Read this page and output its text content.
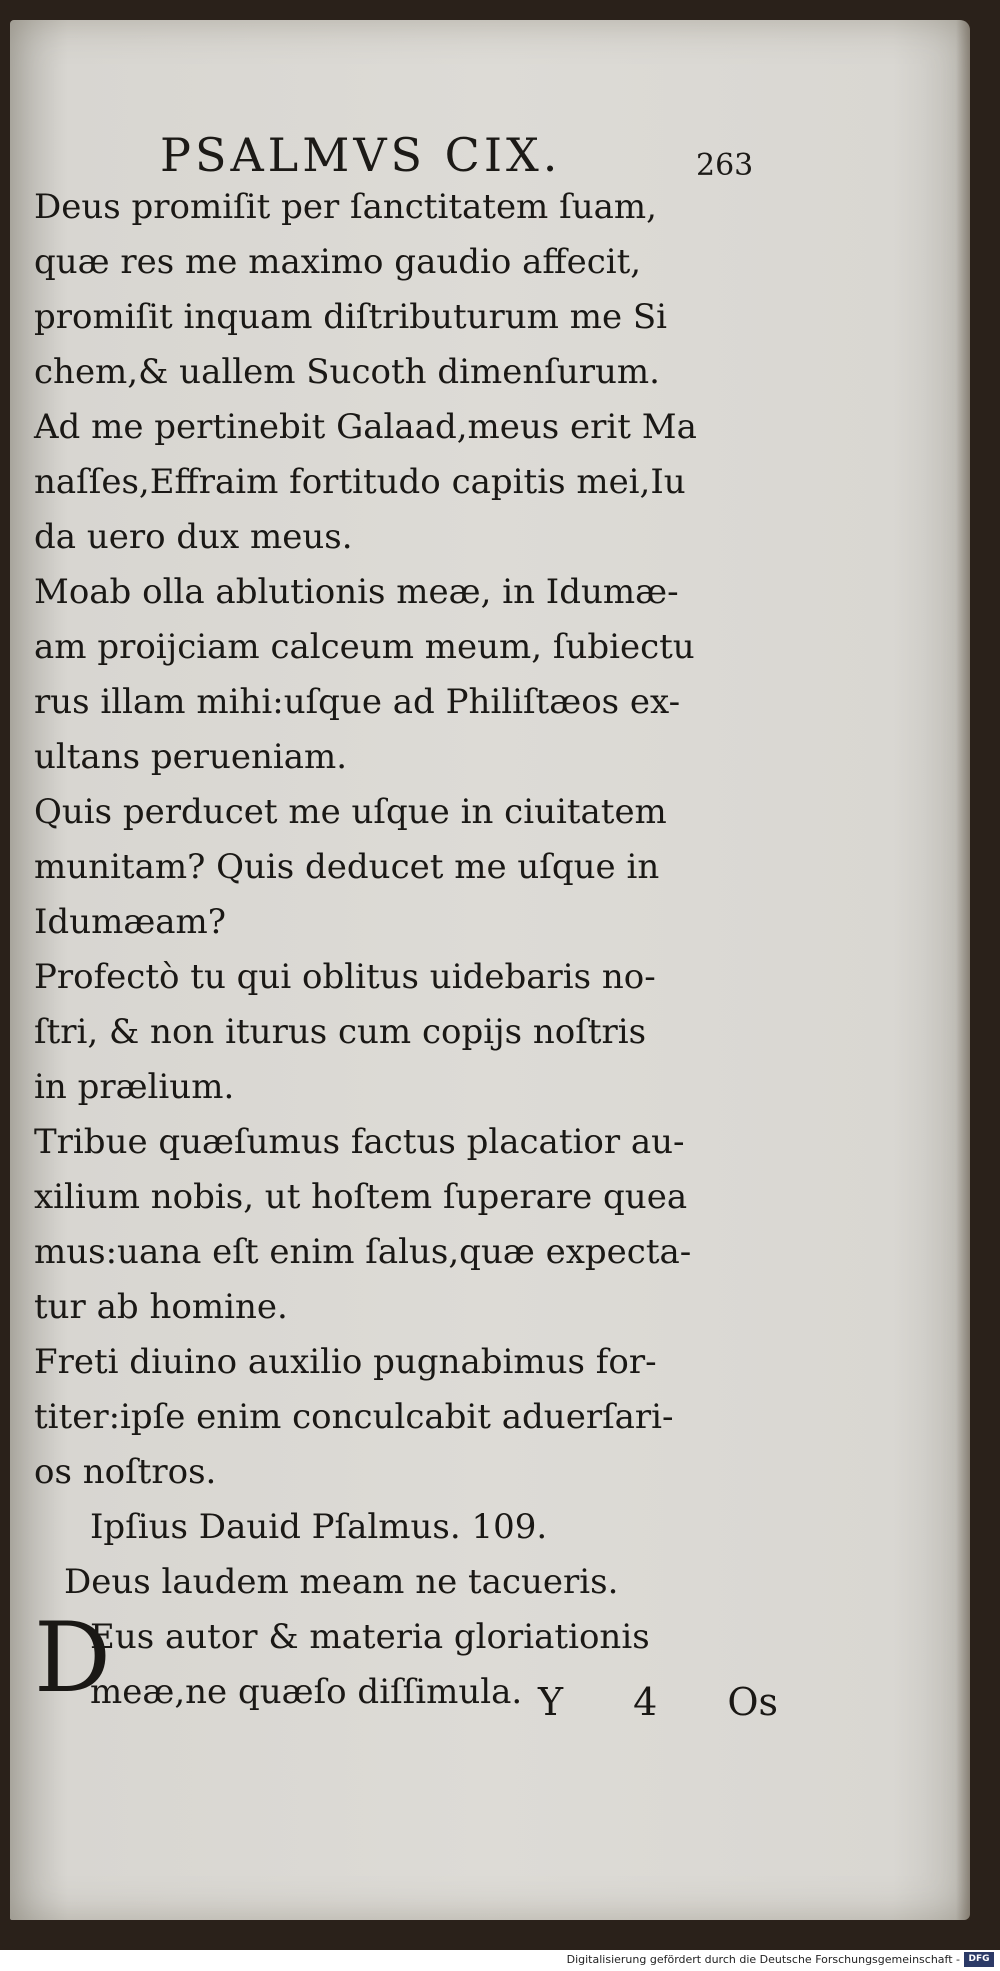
PSALMVS CIX.	263
Deus promiſit per ſanctitatem ſuam,
quæ res me maximo gaudio affecit,
promiſit inquam diſtributurum me Si
chem,& uallem Sucoth dimenſurum.
Ad me pertinebit Galaad,meus erit Ma
naſſes,Effraim fortitudo capitis mei,Iu
da uero dux meus.
Moab olla ablutionis meæ, in Idumæ-
am proijciam calceum meum, ſubiectu
rus illam mihi:uſque ad Philiſtæos ex-
ultans perueniam.
Quis perducet me uſque in ciuitatem
munitam? Quis deducet me uſque in
Idumæam?
Profectò tu qui oblitus uidebaris no-
ſtri, & non iturus cum copijs noſtris
in prælium.
Tribue quæſumus factus placatior au-
xilium nobis, ut hoſtem ſuperare quea
mus:uana eſt enim ſalus,quæ expecta-
tur ab homine.
Freti diuino auxilio pugnabimus for-
titer:ipſe enim conculcabit aduerſari-
os noſtros.
Ipſius Dauid Pſalmus. 109.
Deus laudem meam ne tacueris.
D
Eus autor & materia gloriationis
meæ,ne quæſo diſſimula. Y 4 Os
Digitalisierung gefördert durch die Deutsche Forschungsgemeinschaft - DFG
